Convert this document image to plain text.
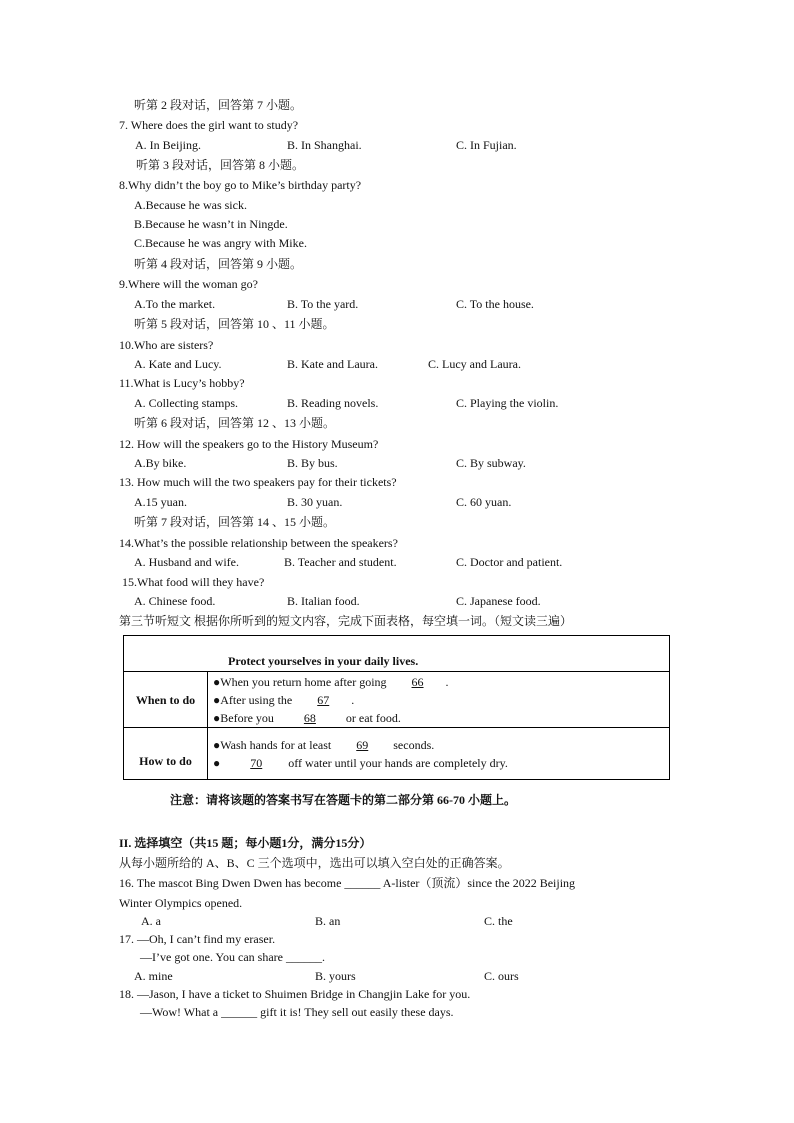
听第 2 段对话，回答第 7 小题。
7. Where does the girl want to study?
A. In Beijing.	B. In Shanghai.	C. In Fujian.
听第 3 段对话，回答第 8 小题。
8.Why didn’t the boy go to Mike’s birthday party?
A.Because he was sick.
B.Because he wasn’t in Ningde.
C.Because he was angry with Mike.
听第 4 段对话，回答第 9 小题。
9.Where will the woman go?
A.To the market.	B. To the yard.	C. To the house.
听第 5 段对话，回答第 10 、11 小题。
10.Who are sisters?
A. Kate and Lucy.	B. Kate and Laura.	C. Lucy and Laura.
11.What is Lucy’s hobby?
A. Collecting stamps.	B. Reading novels.	C. Playing the violin.
听第 6 段对话，回答第 12 、13 小题。
12. How will the speakers go to the History Museum?
A.By bike.	B. By bus.	C. By subway.
13. How much will the two speakers pay for their tickets?
A.15 yuan.	B. 30 yuan.	C. 60 yuan.
听第 7 段对话，回答第 14 、15 小题。
14.What’s the possible relationship between the speakers?
A. Husband and wife.	B. Teacher and student.	C. Doctor and patient.
15.What food will they have?
A. Chinese food.	B. Italian food.	C. Japanese food.
第三节听短文 根据你所听到的短文内容，完成下面表格，每空填一词。（短文读三遍）
Protect yourselves in your daily lives.	
When to do	●When you return home after going 66 .
●After using the 67 .
●Before you 68 or eat food.

How to do	●Wash hands for at least 69 seconds.
● 70 off water until your hands are completely dry.
注意：请将该题的答案书写在答题卡的第二部分第 66-70 小题上。
II. 选择填空（共15 题；每小题1分，满分15分）
从每小题所给的 A、B、C 三个选项中，选出可以填入空白处的正确答案。
16. The mascot Bing Dwen Dwen has become ______ A-lister（顶流）since the 2022 Beijing
Winter Olympics opened.
A. a	B. an	C. the
17. —Oh, I can’t find my eraser.
—I’ve got one. You can share ______.
A. mine	B. yours	C. ours
18. —Jason, I have a ticket to Shuimen Bridge in Changjin Lake for you.
—Wow! What a ______ gift it is! They sell out easily these days.
